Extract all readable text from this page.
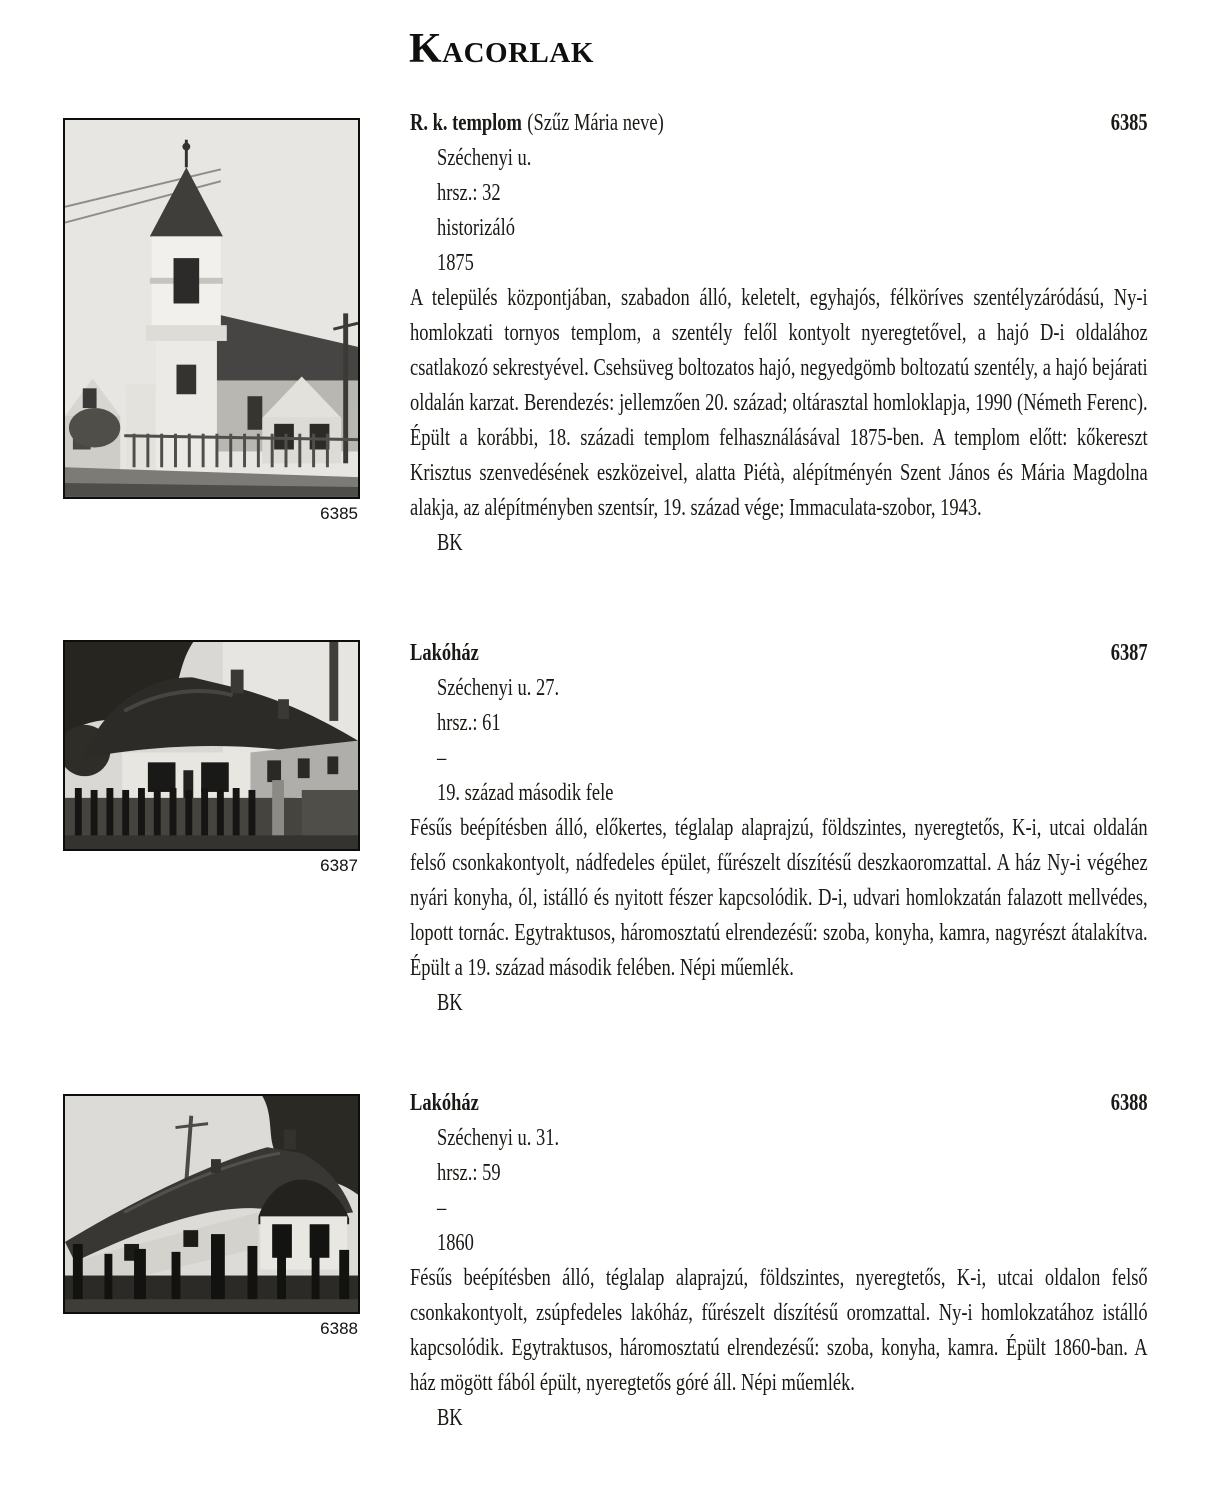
Kacorlak
6385
R. k. templom (Szűz Mária neve)	6385
Széchenyi u.
hrsz.: 32
historizáló
1875
A település központjában, szabadon álló, keletelt, egyhajós, félköríves szentélyzáródású, Ny-i homlokzati tornyos templom, a szentély felől kontyolt nyeregtetővel, a hajó D-i oldalához csatlakozó sekrestyével. Csehsüveg boltozatos hajó, negyedgömb boltozatú szentély, a hajó bejárati oldalán karzat. Berendezés: jellemzően 20. század; oltárasztal homloklapja, 1990 (Németh Ferenc). Épült a korábbi, 18. századi templom felhasználásával 1875-ben. A templom előtt: kőkereszt Krisztus szenvedésének eszközeivel, alatta Piétà, alépítményén Szent János és Mária Magdolna alakja, az alépítményben szentsír, 19. század vége; Immaculata-szobor, 1943.
BK
6387
Lakóház	6387
Széchenyi u. 27.
hrsz.: 61
–
19. század második fele
Fésűs beépítésben álló, előkertes, téglalap alaprajzú, földszintes, nyeregtetős, K-i, utcai oldalán felső csonkakontyolt, nádfedeles épület, fűrészelt díszítésű deszkaoromzattal. A ház Ny-i végéhez nyári konyha, ól, istálló és nyitott fészer kapcsolódik. D-i, udvari homlokzatán falazott mellvédes, lopott tornác. Egytraktusos, háromosztatú elrendezésű: szoba, konyha, kamra, nagyrészt átalakítva. Épült a 19. század második felében. Népi műemlék.
BK
6388
Lakóház	6388
Széchenyi u. 31.
hrsz.: 59
–
1860
Fésűs beépítésben álló, téglalap alaprajzú, földszintes, nyeregtetős, K-i, utcai oldalon felső csonkakontyolt, zsúpfedeles lakóház, fűrészelt díszítésű oromzattal. Ny-i homlokzatához istálló kapcsolódik. Egytraktusos, háromosztatú elrendezésű: szoba, konyha, kamra. Épült 1860-ban. A ház mögött fából épült, nyeregtetős góré áll. Népi műemlék.
BK
